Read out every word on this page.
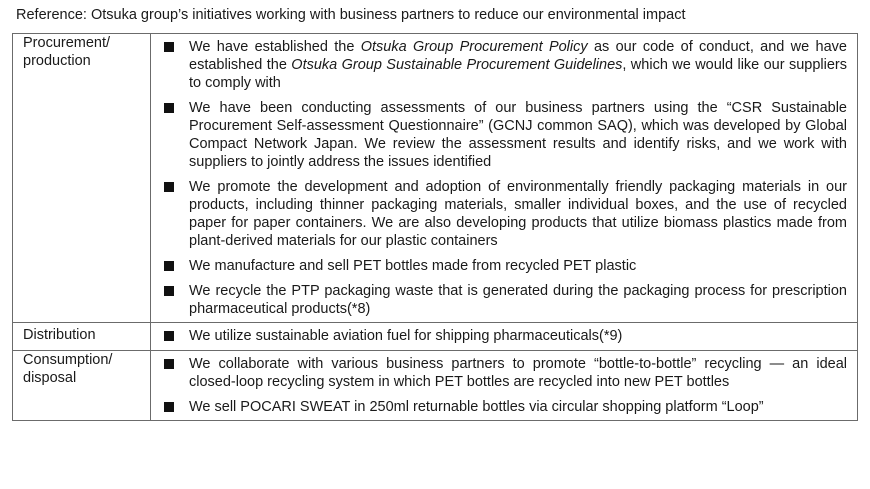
Reference: Otsuka group’s initiatives working with business partners to reduce our environmental impact
Procurement/ production	We have established the Otsuka Group Procurement Policy as our code of conduct, and we have established the Otsuka Group Sustainable Procurement Guidelines, which we would like our suppliers to comply with
We have been conducting assessments of our business partners using the “CSR Sustainable Procurement Self-assessment Questionnaire” (GCNJ common SAQ), which was developed by Global Compact Network Japan. We review the assessment results and identify risks, and we work with suppliers to jointly address the issues identified
We promote the development and adoption of environmentally friendly packaging materials in our products, including thinner packaging materials, smaller individual boxes, and the use of recycled paper for paper containers. We are also developing products that utilize biomass plastics made from plant-derived materials for our plastic containers
We manufacture and sell PET bottles made from recycled PET plastic
We recycle the PTP packaging waste that is generated during the packaging process for prescription pharmaceutical products(*8)

Distribution	We utilize sustainable aviation fuel for shipping pharmaceuticals(*9)

Consumption/ disposal	We collaborate with various business partners to promote “bottle-to-bottle” recycling — an ideal closed-loop recycling system in which PET bottles are recycled into new PET bottles
We sell POCARI SWEAT in 250ml returnable bottles via circular shopping platform “Loop”
